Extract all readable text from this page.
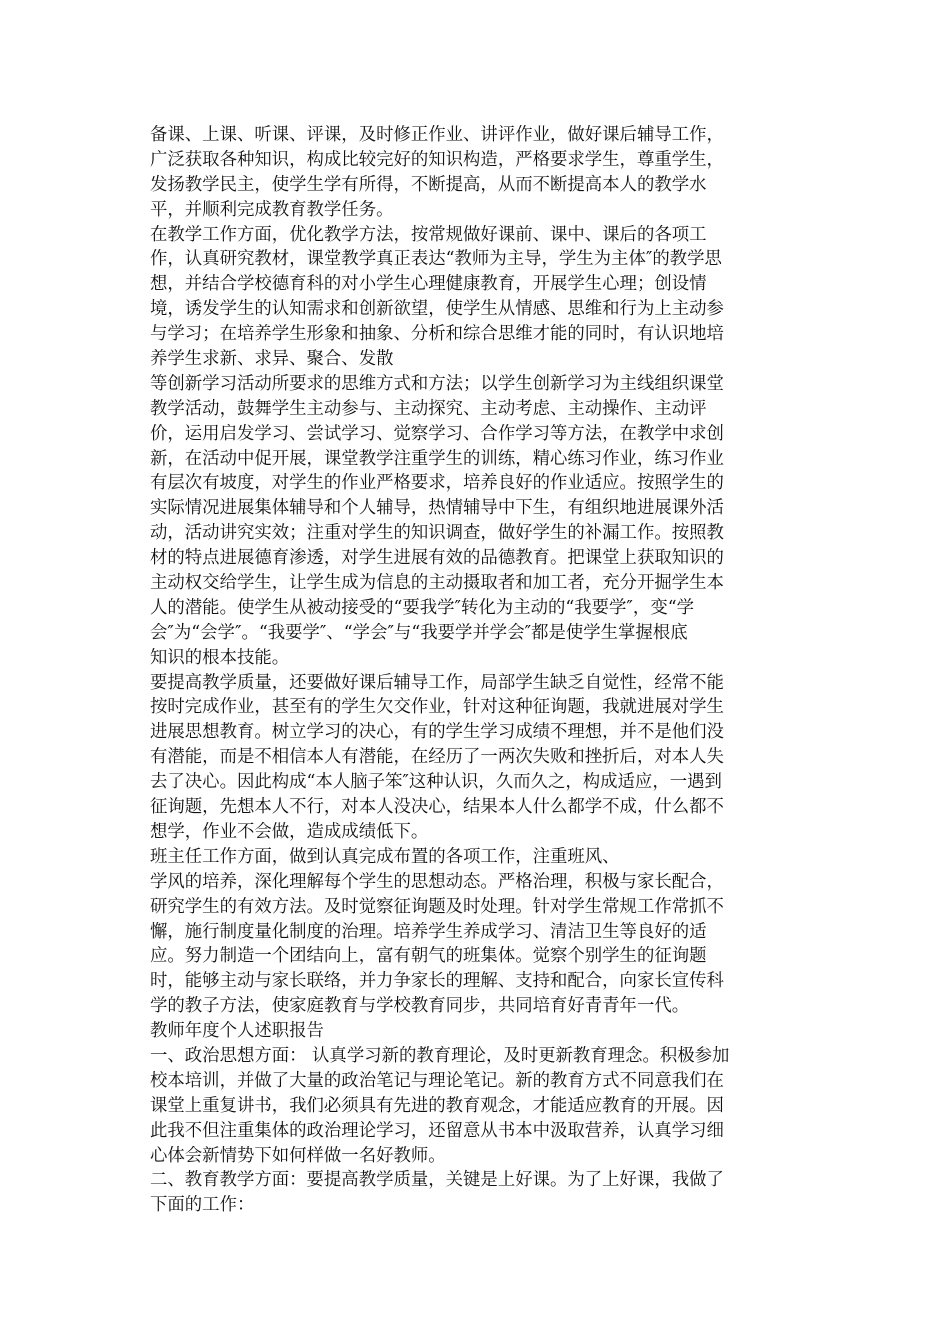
备课、上课、听课、评课，及时修正作业、讲评作业，做好课后辅导工作，
广泛获取各种知识，构成比较完好的知识构造，严格要求学生，尊重学生，
发扬教学民主，使学生学有所得，不断提高，从而不断提高本人的教学水
平，并顺利完成教育教学任务。
在教学工作方面，优化教学方法，按常规做好课前、课中、课后的各项工
作，认真研究教材，课堂教学真正表达“教师为主导，学生为主体″的教学思
想，并结合学校德育科的对小学生心理健康教育，开展学生心理；创设情
境，诱发学生的认知需求和创新欲望，使学生从情感、思维和行为上主动参
与学习；在培养学生形象和抽象、分析和综合思维才能的同时，有认识地培
养学生求新、求异、聚合、发散
等创新学习活动所要求的思维方式和方法；以学生创新学习为主线组织课堂
教学活动，鼓舞学生主动参与、主动探究、主动考虑、主动操作、主动评
价，运用启发学习、尝试学习、觉察学习、合作学习等方法，在教学中求创
新，在活动中促开展，课堂教学注重学生的训练，精心练习作业，练习作业
有层次有坡度，对学生的作业严格要求，培养良好的作业适应。按照学生的
实际情况进展集体辅导和个人辅导，热情辅导中下生，有组织地进展课外活
动，活动讲究实效；注重对学生的知识调查，做好学生的补漏工作。按照教
材的特点进展德育渗透，对学生进展有效的品德教育。把课堂上获取知识的
主动权交给学生，让学生成为信息的主动摄取者和加工者，充分开掘学生本
人的潜能。使学生从被动接受的“要我学″转化为主动的“我要学″，变“学
会″为“会学″。“我要学″、“学会″与“我要学并学会″都是使学生掌握根底
知识的根本技能。
要提高教学质量，还要做好课后辅导工作，局部学生缺乏自觉性，经常不能
按时完成作业，甚至有的学生欠交作业，针对这种征询题，我就进展对学生
进展思想教育。树立学习的决心，有的学生学习成绩不理想，并不是他们没
有潜能，而是不相信本人有潜能，在经历了一两次失败和挫折后，对本人失
去了决心。因此构成“本人脑子笨″这种认识，久而久之，构成适应，一遇到
征询题，先想本人不行，对本人没决心，结果本人什么都学不成，什么都不
想学，作业不会做，造成成绩低下。
班主任工作方面，做到认真完成布置的各项工作，注重班风、
学风的培养，深化理解每个学生的思想动态。严格治理，积极与家长配合，
研究学生的有效方法。及时觉察征询题及时处理。针对学生常规工作常抓不
懈，施行制度量化制度的治理。培养学生养成学习、清洁卫生等良好的适
应。努力制造一个团结向上，富有朝气的班集体。觉察个别学生的征询题
时，能够主动与家长联络，并力争家长的理解、支持和配合，向家长宣传科
学的教子方法，使家庭教育与学校教育同步，共同培育好青青年一代。
教师年度个人述职报告
一、政治思想方面： 认真学习新的教育理论，及时更新教育理念。积极参加
校本培训，并做了大量的政治笔记与理论笔记。新的教育方式不同意我们在
课堂上重复讲书，我们必须具有先进的教育观念，才能适应教育的开展。因
此我不但注重集体的政治理论学习，还留意从书本中汲取营养，认真学习细
心体会新情势下如何样做一名好教师。
二、教育教学方面：要提高教学质量，关键是上好课。为了上好课，我做了
下面的工作：
